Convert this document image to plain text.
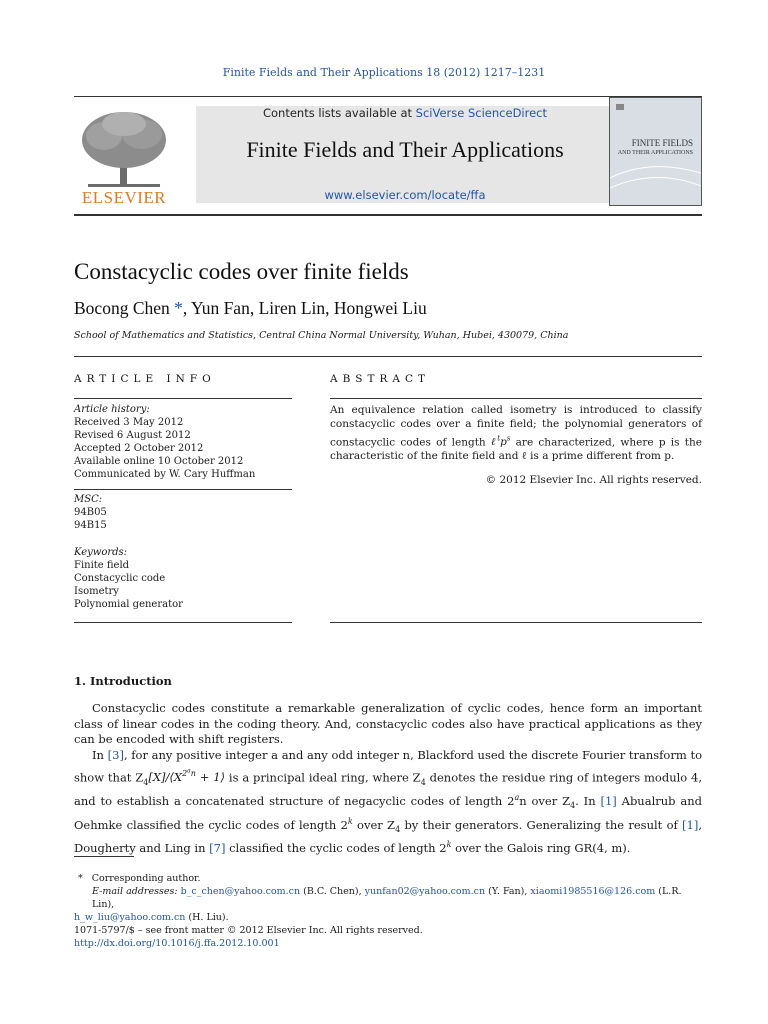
Finite Fields and Their Applications 18 (2012) 1217–1231
ELSEVIER
Contents lists available at SciVerse ScienceDirect
Finite Fields and Their Applications
www.elsevier.com/locate/ffa
FINITE FIELDS
AND THEIR APPLICATIONS
Constacyclic codes over finite fields
Bocong Chen *, Yun Fan, Liren Lin, Hongwei Liu
School of Mathematics and Statistics, Central China Normal University, Wuhan, Hubei, 430079, China
ARTICLE INFO	ABSTRACT
Article history:
Received 3 May 2012
Revised 6 August 2012
Accepted 2 October 2012
Available online 10 October 2012
Communicated by W. Cary Huffman
MSC:
94B05
94B15
Keywords:
Finite field
Constacyclic code
Isometry
Polynomial generator
An equivalence relation called isometry is introduced to classify constacyclic codes over a finite field; the polynomial generators of constacyclic codes of length $\ell^tp^s$ are characterized, where p is the characteristic of the finite field and ℓ is a prime different from p.
© 2012 Elsevier Inc. All rights reserved.
1. Introduction
Constacyclic codes constitute a remarkable generalization of cyclic codes, hence form an important class of linear codes in the coding theory. And, constacyclic codes also have practical applications as they can be encoded with shift registers.
In [3], for any positive integer a and any odd integer n, Blackford used the discrete Fourier transform to show that $Z_4[X]/⟨X^{2^an}$ + 1⟩ is a principal ideal ring, where $Z_4$ denotes the residue ring of integers modulo 4, and to establish a concatenated structure of negacyclic codes of length 2$^a$n over $Z_4$. In [1] Abualrub and Oehmke classified the cyclic codes of length 2$^k$ over $Z_4$ by their generators. Generalizing the result of [1], Dougherty and Ling in [7] classified the cyclic codes of length 2$^k$ over the Galois ring GR(4, m).
* Corresponding author.
E-mail addresses: b_c_chen@yahoo.com.cn (B.C. Chen), yunfan02@yahoo.com.cn (Y. Fan), xiaomi1985516@126.com (L.R. Lin),
h_w_liu@yahoo.com.cn (H. Liu).
1071-5797/$ – see front matter © 2012 Elsevier Inc. All rights reserved.
http://dx.doi.org/10.1016/j.ffa.2012.10.001
